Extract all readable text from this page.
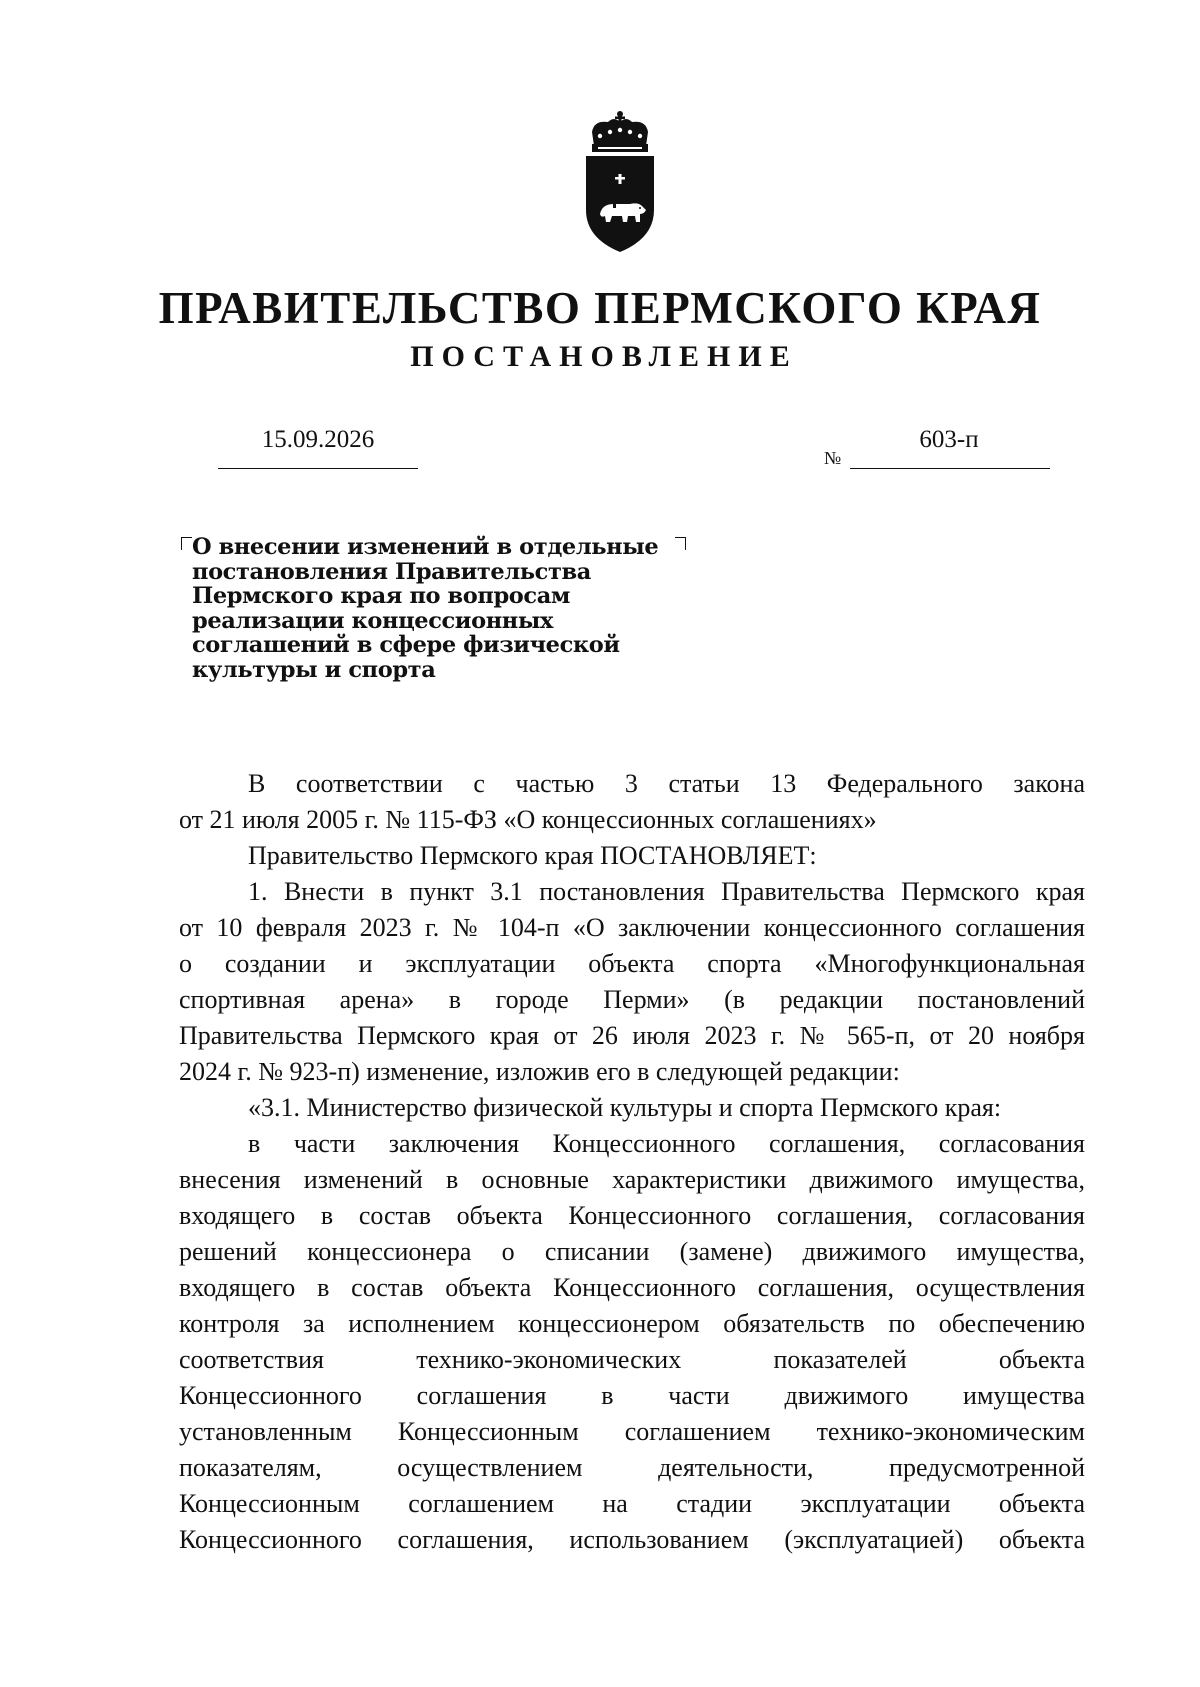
ПРАВИТЕЛЬСТВО ПЕРМСКОГО КРАЯ
ПОСТАНОВЛЕНИЕ
15.09.2026
№
603-п

О внесении изменений в отдельные
постановления Правительства
Пермского края по вопросам
реализации концессионных
соглашений в сфере физической
культуры и спорта

В соответствии с частью 3 статьи 13 Федерального закона
от 21 июля 2005 г. № 115-ФЗ «О концессионных соглашениях»
Правительство Пермского края ПОСТАНОВЛЯЕТ:
1. Внести в пункт 3.1 постановления Правительства Пермского края
от 10 февраля 2023 г. № 104-п «О заключении концессионного соглашения
о создании и эксплуатации объекта спорта «Многофункциональная
спортивная арена» в городе Перми» (в редакции постановлений
Правительства Пермского края от 26 июля 2023 г. № 565-п, от 20 ноября
2024 г. № 923-п) изменение, изложив его в следующей редакции:
«3.1. Министерство физической культуры и спорта Пермского края:
в части заключения Концессионного соглашения, согласования
внесения изменений в основные характеристики движимого имущества,
входящего в состав объекта Концессионного соглашения, согласования
решений концессионера о списании (замене) движимого имущества,
входящего в состав объекта Концессионного соглашения, осуществления
контроля за исполнением концессионером обязательств по обеспечению
соответствия технико-экономических показателей объекта
Концессионного соглашения в части движимого имущества
установленным Концессионным соглашением технико-экономическим
показателям, осуществлением деятельности, предусмотренной
Концессионным соглашением на стадии эксплуатации объекта
Концессионного соглашения, использованием (эксплуатацией) объекта
